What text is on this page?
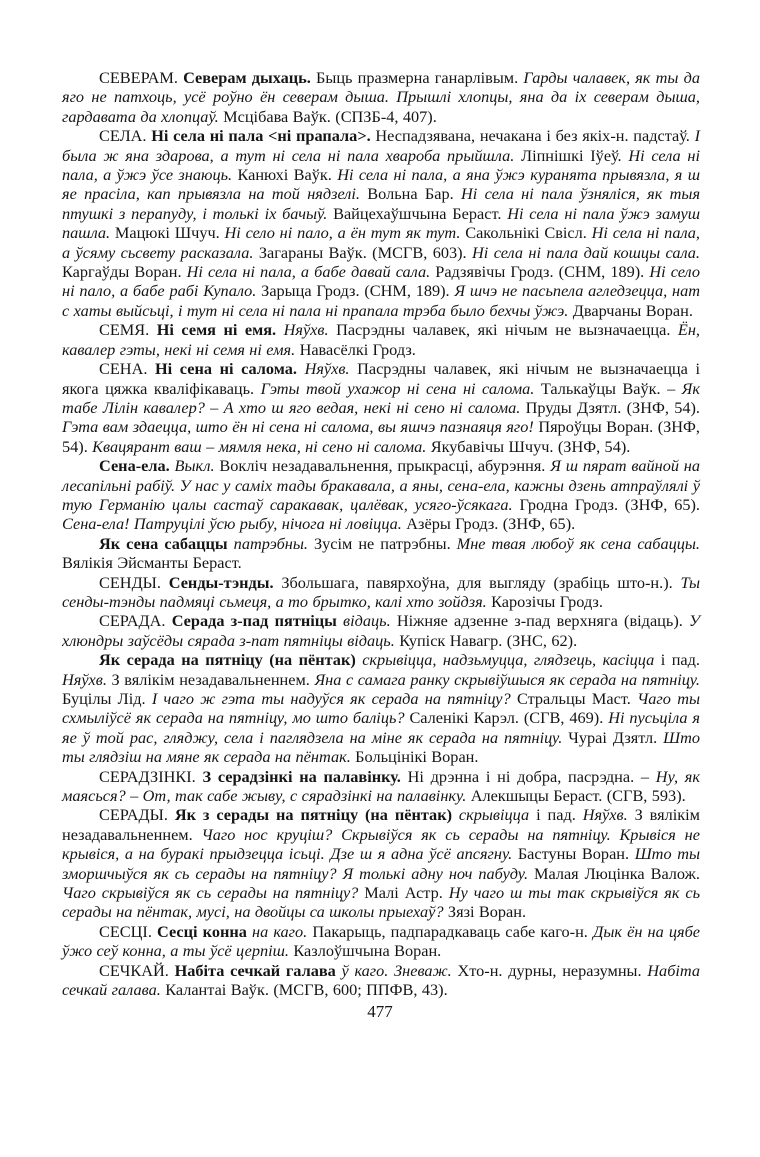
СЕВЕРАМ. Северам дыхаць. Быць празмерна ганарлівым. Гарды чалавек, як ты да яго не патхоць, усё роўно ён северам дыша. Прышлі хлопцы, яна да іх северам дыша, гардавата да хлопцаў. Мсцібава Ваўк. (СПЗБ-4, 407).

СЕЛА. Ні села ні пала <ні прапала>. Неспадзявана, нечакана і без якіх-н. падстаў. І была ж яна здарова, а тут ні села ні пала хвароба прыйшла. Ліпнішкі Іўеў. Ні села ні пала, а ўжэ ўсе знаюць. Канюхі Ваўк. Ні села ні пала, а яна ўжэ куранята прывязла, я ш яе прасіла, кап прывязла на той нядзелі. Вольна Бар. Ні села ні пала ўзняліся, як тыя птушкі з перапуду, і толькі іх бачыў. Вайцехаўшчына Бераст. Ні села ні пала ўжэ замуш пашла. Мацюкі Шчуч. Ні село ні пало, а ён тут як тут. Сакольнікі Свісл. Ні села ні пала, а ўсяму сьсвету расказала. Загараны Ваўк. (МСГВ, 603). Ні села ні пала дай кошцы сала. Каргаўды Воран. Ні села ні пала, а бабе давай сала. Радзявічы Гродз. (СНМ, 189). Ні село ні пало, а бабе рабі Купало. Зарыца Гродз. (СНМ, 189). Я шчэ не пасьпела агледзецца, нат с хаты выйсьці, і тут ні села ні пала ні прапала трэба было бехчы ўжэ. Дварчаны Воран.

СЕМЯ. Ні семя ні емя. Няўхв. Пасрэдны чалавек, які нічым не вызначаецца. Ён, кавалер гэты, некі ні семя ні емя. Навасёлкі Гродз.

СЕНА. Ні сена ні салома. Няўхв. Пасрэдны чалавек, які нічым не вызначаецца і якога цяжка кваліфікаваць. Гэты твой ухажор ні сена ні салома. Талькаўцы Ваўк. – Як табе Лілін кавалер? – А хто ш яго ведая, некі ні сено ні салома. Пруды Дзятл. (ЗНФ, 54). Гэта вам здаецца, што ён ні сена ні салома, вы яшчэ пазнаяця яго! Пяроўцы Воран. (ЗНФ, 54). Квацярант ваш – мямля нека, ні сено ні салома. Якубавічы Шчуч. (ЗНФ, 54).

Сена-ела. Выкл. Вокліч незадавальнення, прыкрасці, абурэння. Я ш пярат вайной на лесапільні рабіў. У нас у саміх тады бракавала, а яны, сена-ела, кажны дзень атпраўлялі ў тую Германію цалы састаў саракавак, цалёвак, усяго-ўсякага. Гродна Гродз. (ЗНФ, 65). Сена-ела! Патруцілі ўсю рыбу, нічога ні ловіцца. Азёры Гродз. (ЗНФ, 65).

Як сена сабаццы патрэбны. Зусім не патрэбны. Мне твая любоў як сена сабаццы. Вялікія Эйсманты Бераст.

СЕНДЫ. Сенды-тэнды. Збольшага, павярхоўна, для выгляду (зрабіць што-н.). Ты сенды-тэнды падмяці сьмеця, а то брытко, калі хто зойдзя. Карозічы Гродз.

СЕРАДА. Серада з-пад пятніцы відаць. Ніжняе адзенне з-пад верхняга (відаць). У хлюндры заўсёды сярада з-пат пятніцы відаць. Купіск Навагр. (ЗНС, 62).

Як серада на пятніцу (на пёнтак) скрывіцца, надзьмуцца, глядзець, касіцца і пад. Няўхв. З вялікім незадавальненнем. Яна с самага ранку скрывіўшыся як серада на пятніцу. Буцілы Лід. І чаго ж гэта ты надуўся як серада на пятніцу? Стральцы Маст. Чаго ты схмыліўсё як серада на пятніцу, мо што баліць? Саленікі Карэл. (СГВ, 469). Ні пусьціла я яе ў той рас, гляджу, села і паглядзела на міне як серада на пятніцу. Чураі Дзятл. Што ты глядзіш на мяне як серада на пёнтак. Больцінікі Воран.

СЕРАДЗІНКІ. З серадзінкі на палавінку. Ні дрэнна і ні добра, пасрэдна. – Ну, як маясься? – От, так сабе жыву, с сярадзінкі на палавінку. Алекшыцы Бераст. (СГВ, 593).

СЕРАДЫ. Як з серады на пятніцу (на пёнтак) скрывіцца і пад. Няўхв. З вялікім незадавальненнем. Чаго нос круціш? Скрывіўся як сь серады на пятніцу. Крывіся не крывіся, а на буракі прыдзецца ісьці. Дзе ш я адна ўсё апсягну. Бастуны Воран. Што ты зморшчыўся як сь серады на пятніцу? Я толькі адну ноч пабуду. Малая Люцінка Валож. Чаго скрывіўся як сь серады на пятніцу? Малі Астр. Ну чаго ш ты так скрывіўся як сь серады на пёнтак, мусі, на двойцы са школы прыехаў? Зязі Воран.

СЕСЦІ. Сесці конна на каго. Пакарыць, падпарадкаваць сабе каго-н. Дык ён на цябе ўжо сеў конна, а ты ўсё церпіш. Казлоўшчына Воран.

СЕЧКАЙ. Набіта сечкай галава ў каго. Зневаж. Хто-н. дурны, неразумны. Набіта сечкай галава. Калантаі Ваўк. (МСГВ, 600; ППФВ, 43).

477
